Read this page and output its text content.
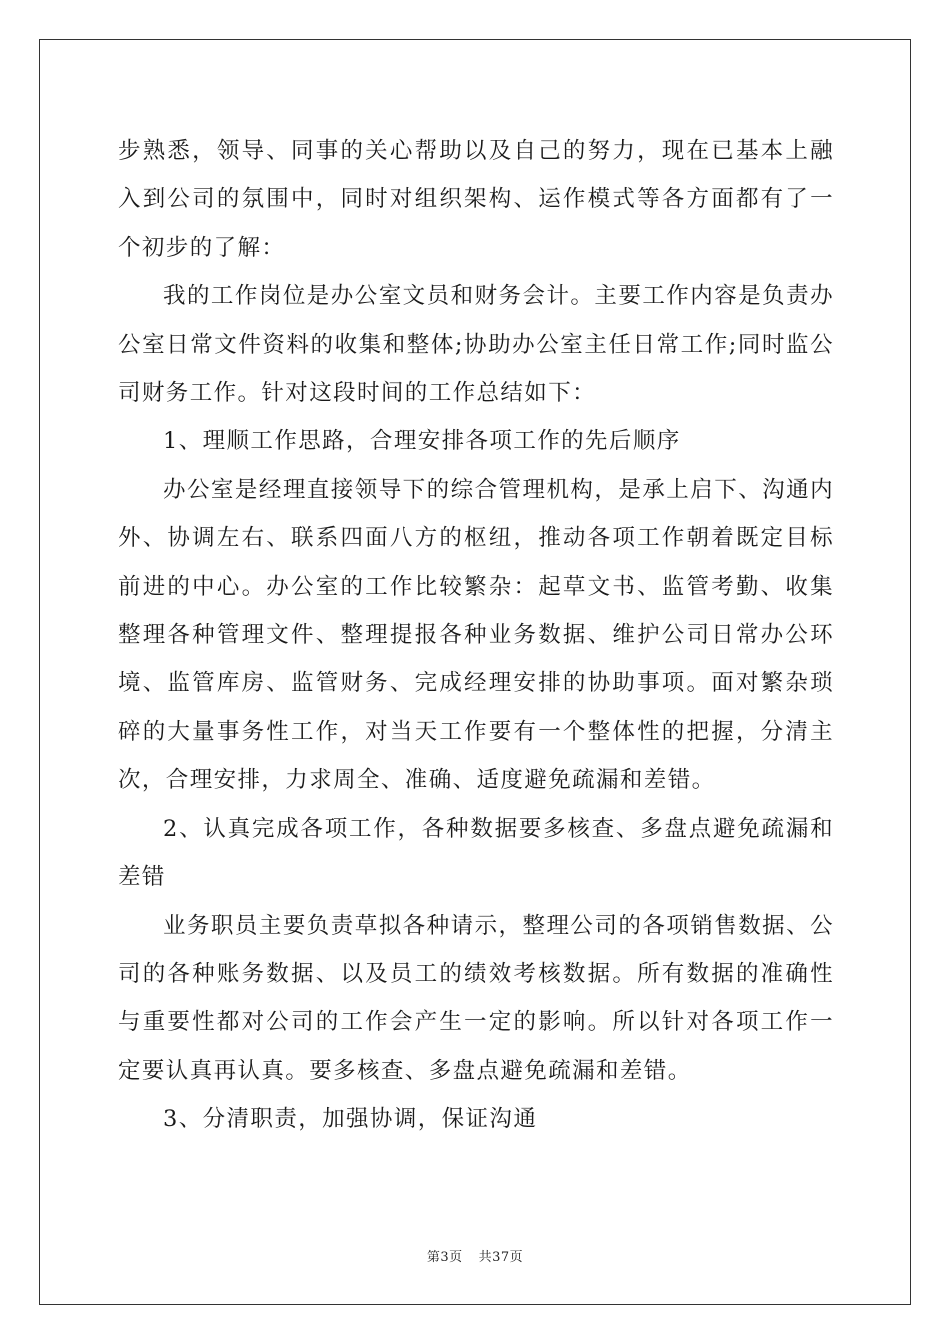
步熟悉，领导、同事的关心帮助以及自己的努力，现在已基本上融入到公司的氛围中，同时对组织架构、运作模式等各方面都有了一个初步的了解：

我的工作岗位是办公室文员和财务会计。主要工作内容是负责办公室日常文件资料的收集和整体;协助办公室主任日常工作;同时监公司财务工作。针对这段时间的工作总结如下：

1、理顺工作思路，合理安排各项工作的先后顺序

办公室是经理直接领导下的综合管理机构，是承上启下、沟通内外、协调左右、联系四面八方的枢纽，推动各项工作朝着既定目标前进的中心。办公室的工作比较繁杂：起草文书、监管考勤、收集整理各种管理文件、整理提报各种业务数据、维护公司日常办公环境、监管库房、监管财务、完成经理安排的协助事项。面对繁杂琐碎的大量事务性工作，对当天工作要有一个整体性的把握，分清主次，合理安排，力求周全、准确、适度避免疏漏和差错。

2、认真完成各项工作，各种数据要多核查、多盘点避免疏漏和差错

业务职员主要负责草拟各种请示，整理公司的各项销售数据、公司的各种账务数据、以及员工的绩效考核数据。所有数据的准确性与重要性都对公司的工作会产生一定的影响。所以针对各项工作一定要认真再认真。要多核查、多盘点避免疏漏和差错。

3、分清职责，加强协调，保证沟通

第3页 共37页
